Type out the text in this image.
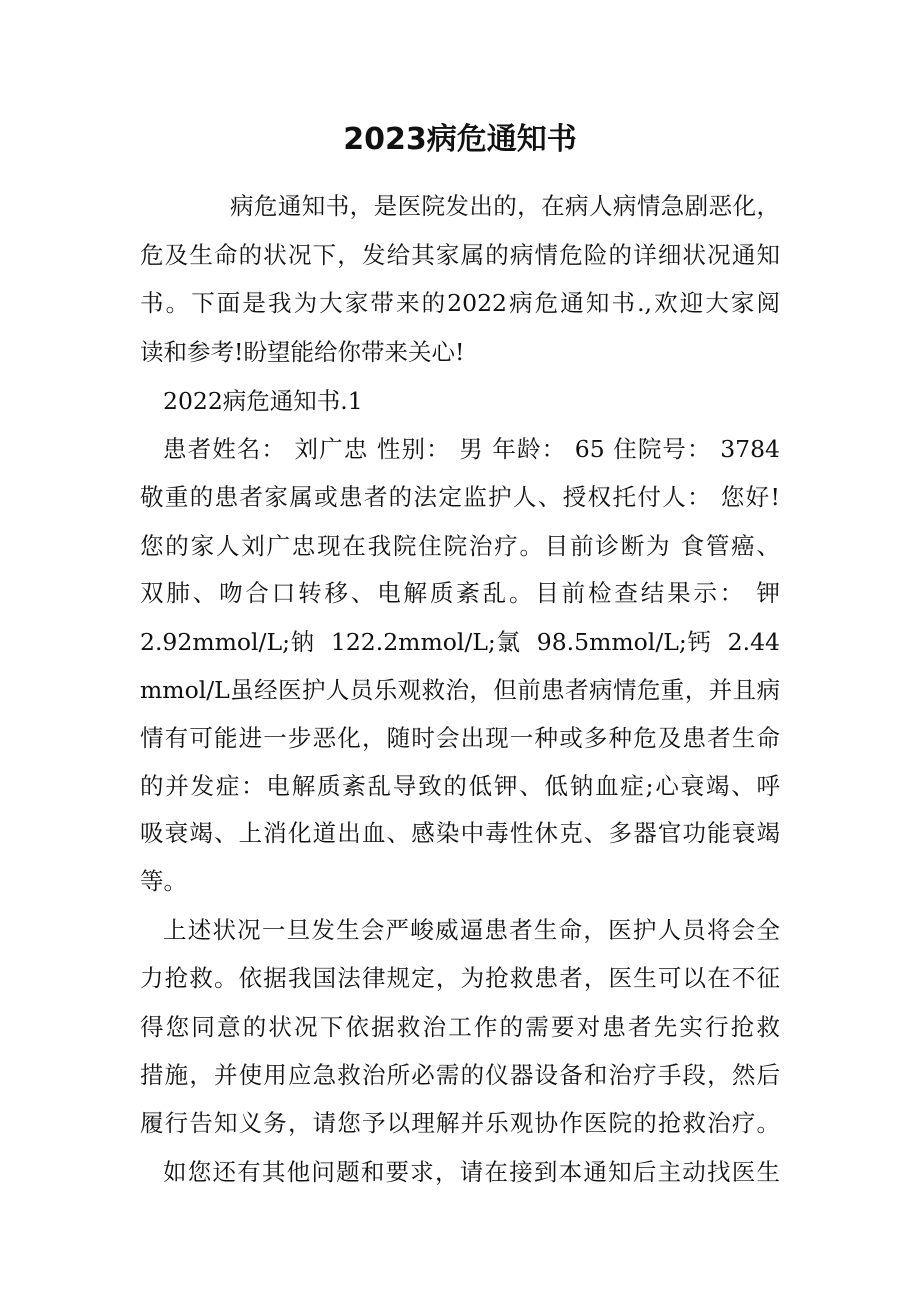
2023病危通知书
病危通知书，是医院发出的，在病人病情急剧恶化，
危及生命的状况下，发给其家属的病情危险的详细状况通知
书。下面是我为大家带来的2022病危通知书.,欢迎大家阅
读和参考!盼望能给你带来关心!
2022病危通知书.1
患者姓名： 刘广忠 性别： 男 年龄： 65 住院号： 3784
敬重的患者家属或患者的法定监护人、授权托付人： 您好!
您的家人刘广忠现在我院住院治疗。目前诊断为 食管癌、
双肺、吻合口转移、电解质紊乱。目前检查结果示： 钾
2.92mmol/L;钠  122.2mmol/L;氯  98.5mmol/L;钙  2.44
mmol/L虽经医护人员乐观救治，但前患者病情危重，并且病
情有可能进一步恶化，随时会出现一种或多种危及患者生命
的并发症：电解质紊乱导致的低钾、低钠血症;心衰竭、呼
吸衰竭、上消化道出血、感染中毒性休克、多器官功能衰竭
等。
上述状况一旦发生会严峻威逼患者生命，医护人员将会全
力抢救。依据我国法律规定，为抢救患者，医生可以在不征
得您同意的状况下依据救治工作的需要对患者先实行抢救
措施，并使用应急救治所必需的仪器设备和治疗手段，然后
履行告知义务，请您予以理解并乐观协作医院的抢救治疗。
如您还有其他问题和要求，请在接到本通知后主动找医生
